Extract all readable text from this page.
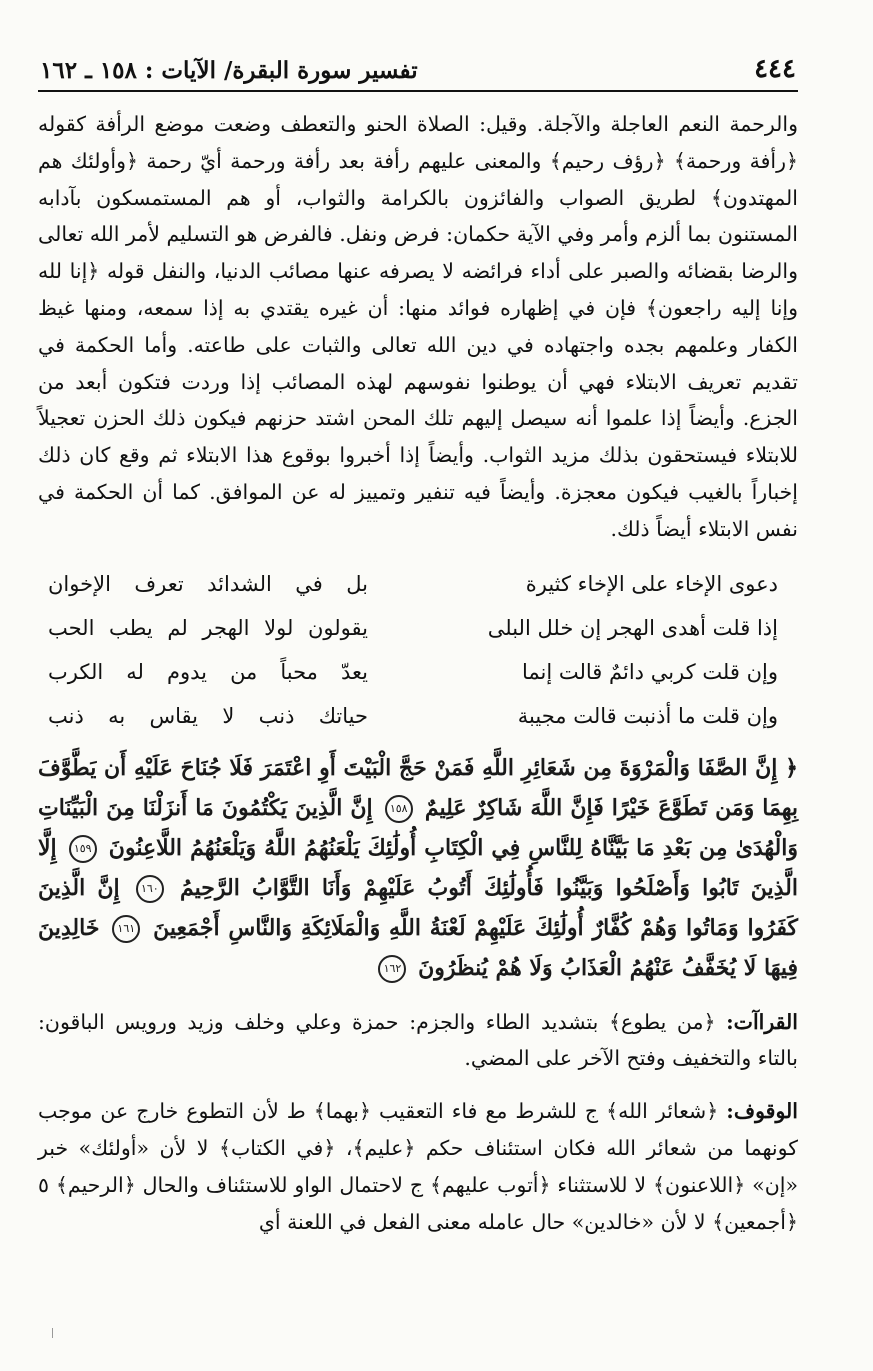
٤٤٤
تفسير سورة البقرة/ الآيات : ١٥٨ ـ ١٦٢

والرحمة النعم العاجلة والآجلة. وقيل: الصلاة الحنو والتعطف وضعت موضع الرأفة كقوله ﴿رأفة ورحمة﴾ ﴿رؤف رحيم﴾ والمعنى عليهم رأفة بعد رأفة ورحمة أيّ رحمة ﴿وأولئك هم المهتدون﴾ لطريق الصواب والفائزون بالكرامة والثواب، أو هم المستمسكون بآدابه المستنون بما ألزم وأمر وفي الآية حكمان: فرض ونفل. فالفرض هو التسليم لأمر الله تعالى والرضا بقضائه والصبر على أداء فرائضه لا يصرفه عنها مصائب الدنيا، والنفل قوله ﴿إنا لله وإنا إليه راجعون﴾ فإن في إظهاره فوائد منها: أن غيره يقتدي به إذا سمعه، ومنها غيظ الكفار وعلمهم بجده واجتهاده في دين الله تعالى والثبات على طاعته. وأما الحكمة في تقديم تعريف الابتلاء فهي أن يوطنوا نفوسهم لهذه المصائب إذا وردت فتكون أبعد من الجزع. وأيضاً إذا علموا أنه سيصل إليهم تلك المحن اشتد حزنهم فيكون ذلك الحزن تعجيلاً للابتلاء فيستحقون بذلك مزيد الثواب. وأيضاً إذا أخبروا بوقوع هذا الابتلاء ثم وقع كان ذلك إخباراً بالغيب فيكون معجزة. وأيضاً فيه تنفير وتمييز له عن الموافق. كما أن الحكمة في نفس الابتلاء أيضاً ذلك.

دعوى الإخاء على الإخاء كثيرة
بل في الشدائد تعرف الإخوان
إذا قلت أهدى الهجر إن خلل البلى
يقولون لولا الهجر لم يطب الحب
وإن قلت كربي دائمٌ قالت إنما
يعدّ محباً من يدوم له الكرب
وإن قلت ما أذنبت قالت مجيبة
حياتك ذنب لا يقاس به ذنب
﴿ إِنَّ الصَّفَا وَالْمَرْوَةَ مِن شَعَائِرِ اللَّهِ فَمَنْ حَجَّ الْبَيْتَ أَوِ اعْتَمَرَ فَلَا جُنَاحَ عَلَيْهِ أَن يَطَّوَّفَ بِهِمَا وَمَن تَطَوَّعَ خَيْرًا فَإِنَّ اللَّهَ شَاكِرٌ عَلِيمٌ ١٥٨ إِنَّ الَّذِينَ يَكْتُمُونَ مَا أَنزَلْنَا مِنَ الْبَيِّنَاتِ وَالْهُدَىٰ مِن بَعْدِ مَا بَيَّنَّاهُ لِلنَّاسِ فِي الْكِتَابِ أُولَٰئِكَ يَلْعَنُهُمُ اللَّهُ وَيَلْعَنُهُمُ اللَّاعِنُونَ ١٥٩ إِلَّا الَّذِينَ تَابُوا وَأَصْلَحُوا وَبَيَّنُوا فَأُولَٰئِكَ أَتُوبُ عَلَيْهِمْ وَأَنَا التَّوَّابُ الرَّحِيمُ ١٦٠ إِنَّ الَّذِينَ كَفَرُوا وَمَاتُوا وَهُمْ كُفَّارٌ أُولَٰئِكَ عَلَيْهِمْ لَعْنَةُ اللَّهِ وَالْمَلَائِكَةِ وَالنَّاسِ أَجْمَعِينَ ١٦١ خَالِدِينَ فِيهَا لَا يُخَفَّفُ عَنْهُمُ الْعَذَابُ وَلَا هُمْ يُنظَرُونَ ١٦٢
القراآت: ﴿من يطوع﴾ بتشديد الطاء والجزم: حمزة وعلي وخلف وزيد ورويس الباقون: بالتاء والتخفيف وفتح الآخر على المضي.
الوقوف: ﴿شعائر الله﴾ ج للشرط مع فاء التعقيب ﴿بهما﴾ ط لأن التطوع خارج عن موجب كونهما من شعائر الله فكان استئناف حكم ﴿عليم﴾، ﴿في الكتاب﴾ لا لأن «أولئك» خبر «إن» ﴿اللاعنون﴾ لا للاستثناء ﴿أتوب عليهم﴾ ج لاحتمال الواو للاستئناف والحال ﴿الرحيم﴾ ٥ ﴿أجمعين﴾ لا لأن «خالدين» حال عامله معنى الفعل في اللعنة أي
